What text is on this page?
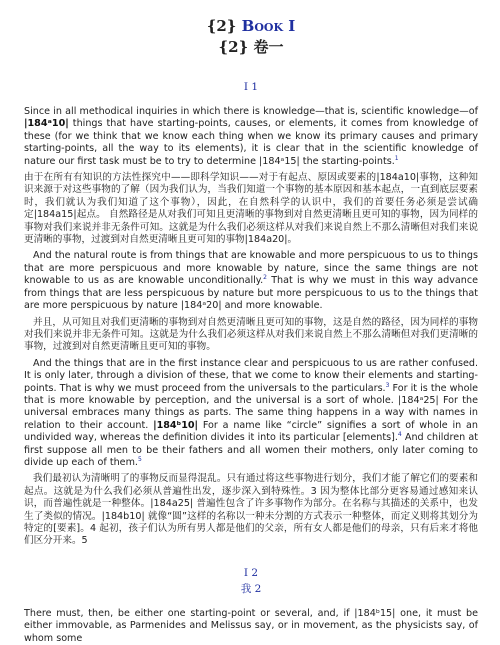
{2} Book I
{2} 卷一
I 1

Since in all methodical inquiries in which there is knowledge—that is, scientific knowledge—of |184ᵃ10| things that have starting-points, causes, or elements, it comes from knowledge of these (for we think that we know each thing when we know its primary causes and primary starting-points, all the way to its elements), it is clear that in the scientific knowledge of nature our first task must be to try to determine |184ᵃ15| the starting-points.$^1$

由于在所有有知识的方法性探究中——即科学知识——对于有起点、原因或要素的|184a10|事物，这种知识来源于对这些事物的了解（因为我们认为，当我们知道一个事物的基本原因和基本起点，一直到底层要素时，我们就认为我们知道了这个事物），因此，在自然科学的认识中，我们的首要任务必须是尝试确定|184a15|起点。 自然路径是从对我们可知且更清晰的事物到对自然更清晰且更可知的事物，因为同样的事物对我们来说并非无条件可知。这就是为什么我们必须这样从对我们来说自然上不那么清晰但对我们来说更清晰的事物，过渡到对自然更清晰且更可知的事物|184a20|。

And the natural route is from things that are knowable and more perspicuous to us to things that are more perspicuous and more knowable by nature, since the same things are not knowable to us as are knowable unconditionally.$^2$ That is why we must in this way advance from things that are less perspicuous by nature but more perspicuous to us to the things that are more perspicuous by nature |184ᵃ20| and more knowable.

并且，从可知且对我们更清晰的事物到对自然更清晰且更可知的事物，这是自然的路径，因为同样的事物对我们来说并非无条件可知。这就是为什么我们必须这样从对我们来说自然上不那么清晰但对我们更清晰的事物，过渡到对自然更清晰且更可知的事物。

And the things that are in the first instance clear and perspicuous to us are rather confused. It is only later, through a division of these, that we come to know their elements and starting-points. That is why we must proceed from the universals to the particulars.$^3$ For it is the whole that is more knowable by perception, and the universal is a sort of whole. |184ᵃ25| For the universal embraces many things as parts. The same thing happens in a way with names in relation to their account. |184ᵇ10| For a name like “circle” signifies a sort of whole in an undivided way, whereas the definition divides it into its particular [elements].$^4$ And children at first suppose all men to be their fathers and all women their mothers, only later coming to divide up each of them.$^5$

我们最初认为清晰明了的事物反而显得混乱。只有通过将这些事物进行划分，我们才能了解它们的要素和起点。这就是为什么我们必须从普遍性出发，逐步深入到特殊性。3 因为整体比部分更容易通过感知来认识，而普遍性就是一种整体。|184a25| 普遍性包含了许多事物作为部分。在名称与其描述的关系中，也发生了类似的情况。|184b10| 就像“圆”这样的名称以一种未分割的方式表示一种整体，而定义则将其划分为特定的[要素]。4 起初，孩子们认为所有男人都是他们的父亲，所有女人都是他们的母亲，只有后来才将他们区分开来。5

I 2
我 2

There must, then, be either one starting-point or several, and, if |184ᵇ15| one, it must be either immovable, as Parmenides and Melissus say, or in movement, as the physicists say, of whom some
